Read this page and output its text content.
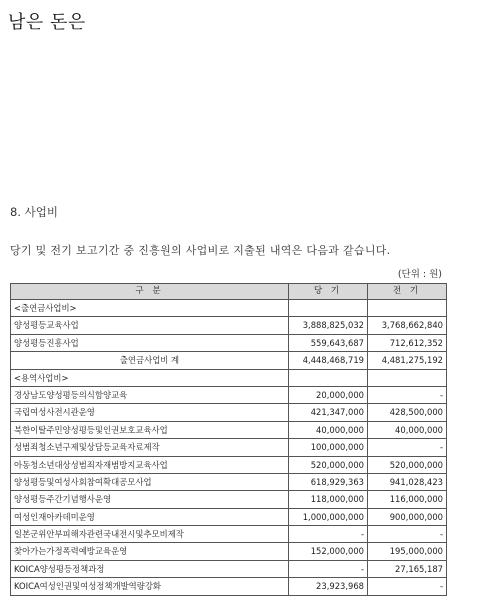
남은 돈은
8. 사업비
당기 및 전기 보고기간 중 진흥원의 사업비로 지출된 내역은 다음과 같습니다.
(단위 : 원)
구 분	당 기	전 기
<출연금사업비>		
양성평등교육사업	3,888,825,032	3,768,662,840
양성평등진흥사업	559,643,687	712,612,352
출연금사업비 계	4,448,468,719	4,481,275,192
<용역사업비>		
경상남도양성평등의식함양교육	20,000,000	-
국립여성사전시관운영	421,347,000	428,500,000
북한이탈주민양성평등및인권보호교육사업	40,000,000	40,000,000
성범죄청소년구제및상담등교육자료제작	100,000,000	-
아동청소년대상성범죄자재범방지교육사업	520,000,000	520,000,000
양성평등및여성사회참여확대공모사업	618,929,363	941,028,423
양성평등주간기념행사운영	118,000,000	116,000,000
여성인재아카데미운영	1,000,000,000	900,000,000
일본군위안부피해자관련국내전시및추모비제작	-	-
찾아가는가정폭력예방교육운영	152,000,000	195,000,000
KOICA양성평등정책과정	-	27,165,187
KOICA여성인권및여성정책개발역량강화	23,923,968	-
